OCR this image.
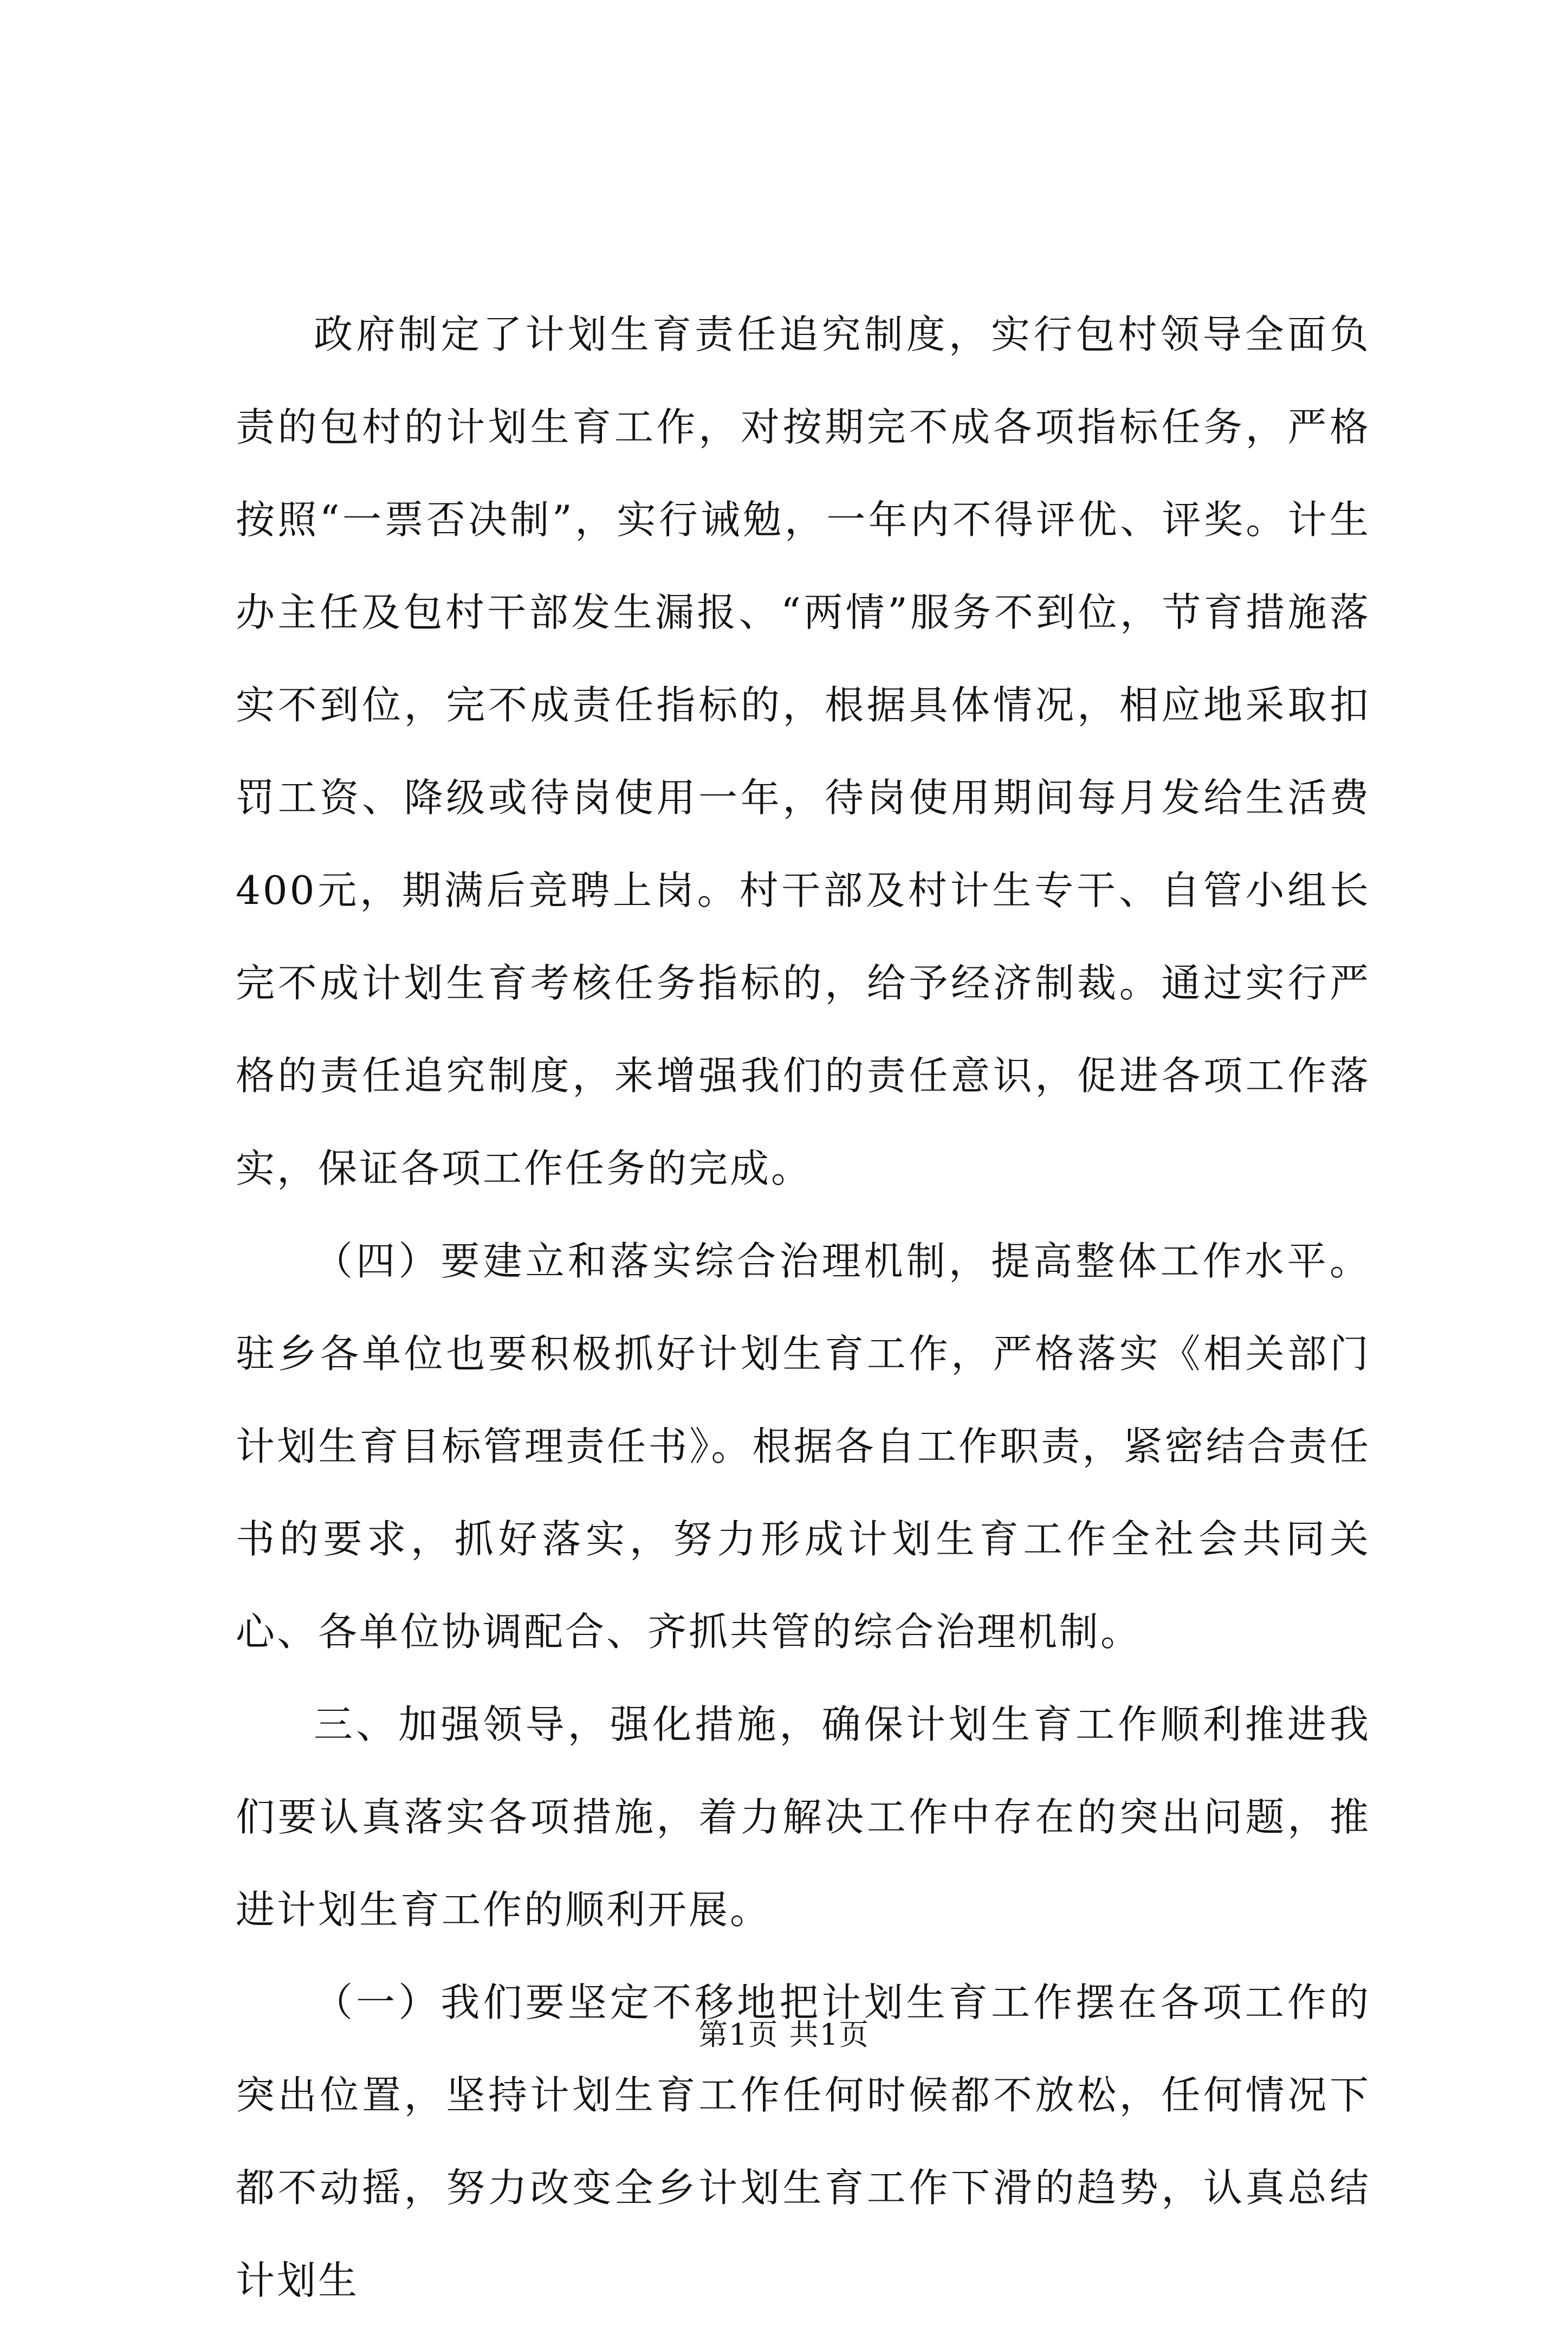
政府制定了计划生育责任追究制度，实行包村领导全面负责的包村的计划生育工作，对按期完不成各项指标任务，严格按照“一票否决制”，实行诫勉，一年内不得评优、评奖。计生办主任及包村干部发生漏报、“两情”服务不到位，节育措施落实不到位，完不成责任指标的，根据具体情况，相应地采取扣罚工资、降级或待岗使用一年，待岗使用期间每月发给生活费400元，期满后竞聘上岗。村干部及村计生专干、自管小组长完不成计划生育考核任务指标的，给予经济制裁。通过实行严格的责任追究制度，来增强我们的责任意识，促进各项工作落实，保证各项工作任务的完成。

（四）要建立和落实综合治理机制，提高整体工作水平。驻乡各单位也要积极抓好计划生育工作，严格落实《相关部门计划生育目标管理责任书》。根据各自工作职责，紧密结合责任书的要求，抓好落实，努力形成计划生育工作全社会共同关心、各单位协调配合、齐抓共管的综合治理机制。

三、加强领导，强化措施，确保计划生育工作顺利推进我们要认真落实各项措施，着力解决工作中存在的突出问题，推进计划生育工作的顺利开展。

（一）我们要坚定不移地把计划生育工作摆在各项工作的突出位置，坚持计划生育工作任何时候都不放松，任何情况下都不动摇，努力改变全乡计划生育工作下滑的趋势，认真总结计划生

第1页 共1页
